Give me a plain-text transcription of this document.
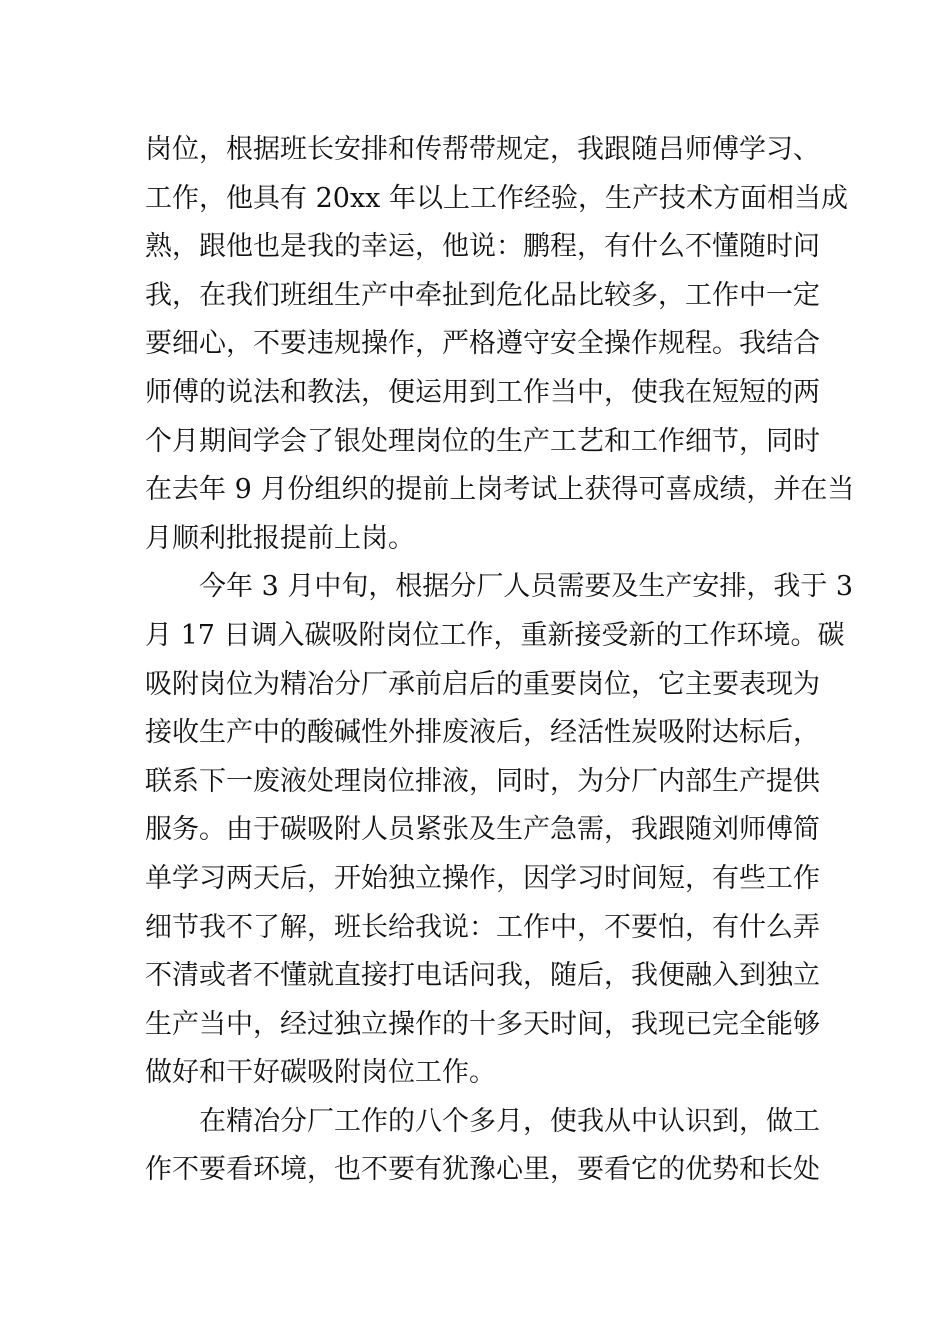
岗位，根据班长安排和传帮带规定，我跟随吕师傅学习、
工作，他具有 20xx 年以上工作经验，生产技术方面相当成
熟，跟他也是我的幸运，他说：鹏程，有什么不懂随时问
我，在我们班组生产中牵扯到危化品比较多，工作中一定
要细心，不要违规操作，严格遵守安全操作规程。我结合
师傅的说法和教法，便运用到工作当中，使我在短短的两
个月期间学会了银处理岗位的生产工艺和工作细节，同时
在去年 9 月份组织的提前上岗考试上获得可喜成绩，并在当
月顺利批报提前上岗。
今年 3 月中旬，根据分厂人员需要及生产安排，我于 3
月 17 日调入碳吸附岗位工作，重新接受新的工作环境。碳
吸附岗位为精冶分厂承前启后的重要岗位，它主要表现为
接收生产中的酸碱性外排废液后，经活性炭吸附达标后，
联系下一废液处理岗位排液，同时，为分厂内部生产提供
服务。由于碳吸附人员紧张及生产急需，我跟随刘师傅简
单学习两天后，开始独立操作，因学习时间短，有些工作
细节我不了解，班长给我说：工作中，不要怕，有什么弄
不清或者不懂就直接打电话问我，随后，我便融入到独立
生产当中，经过独立操作的十多天时间，我现已完全能够
做好和干好碳吸附岗位工作。
在精冶分厂工作的八个多月，使我从中认识到，做工
作不要看环境，也不要有犹豫心里，要看它的优势和长处
